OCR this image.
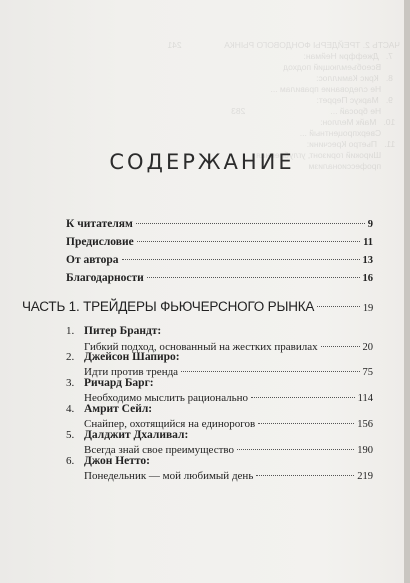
ЧАСТЬ 2. ТРЕЙДЕРЫ ФОНДОВОГО РЫНКА                  241
7.   Джеффри Нейман:
Всеобъемлющий подход
8.   Крис Камиллос:
Не следование правилам ...
9.   Маркус Перрет:
Не бросай ...                                    283
10.   Майк Меллон:
Сверхпроцентный ...
11.   Пьетро Кресчини:
Широкий горизонт, углубленная
профессионализм
СОДЕРЖАНИЕ
К читателям	9
Предисловие	11
От автора	13
Благодарности	16
ЧАСТЬ 1. ТРЕЙДЕРЫ ФЬЮЧЕРСНОГО РЫНКА	19
1. Питер Брандт:
Гибкий подход, основанный на жестких правилах	20
2. Джейсон Шапиро:
Идти против тренда	75
3. Ричард Барг:
Необходимо мыслить рационально	114
4. Амрит Сейл:
Снайпер, охотящийся на единорогов	156
5. Далджит Дхаливал:
Всегда знай свое преимущество	190
6. Джон Нетто:
Понедельник — мой любимый день	219
